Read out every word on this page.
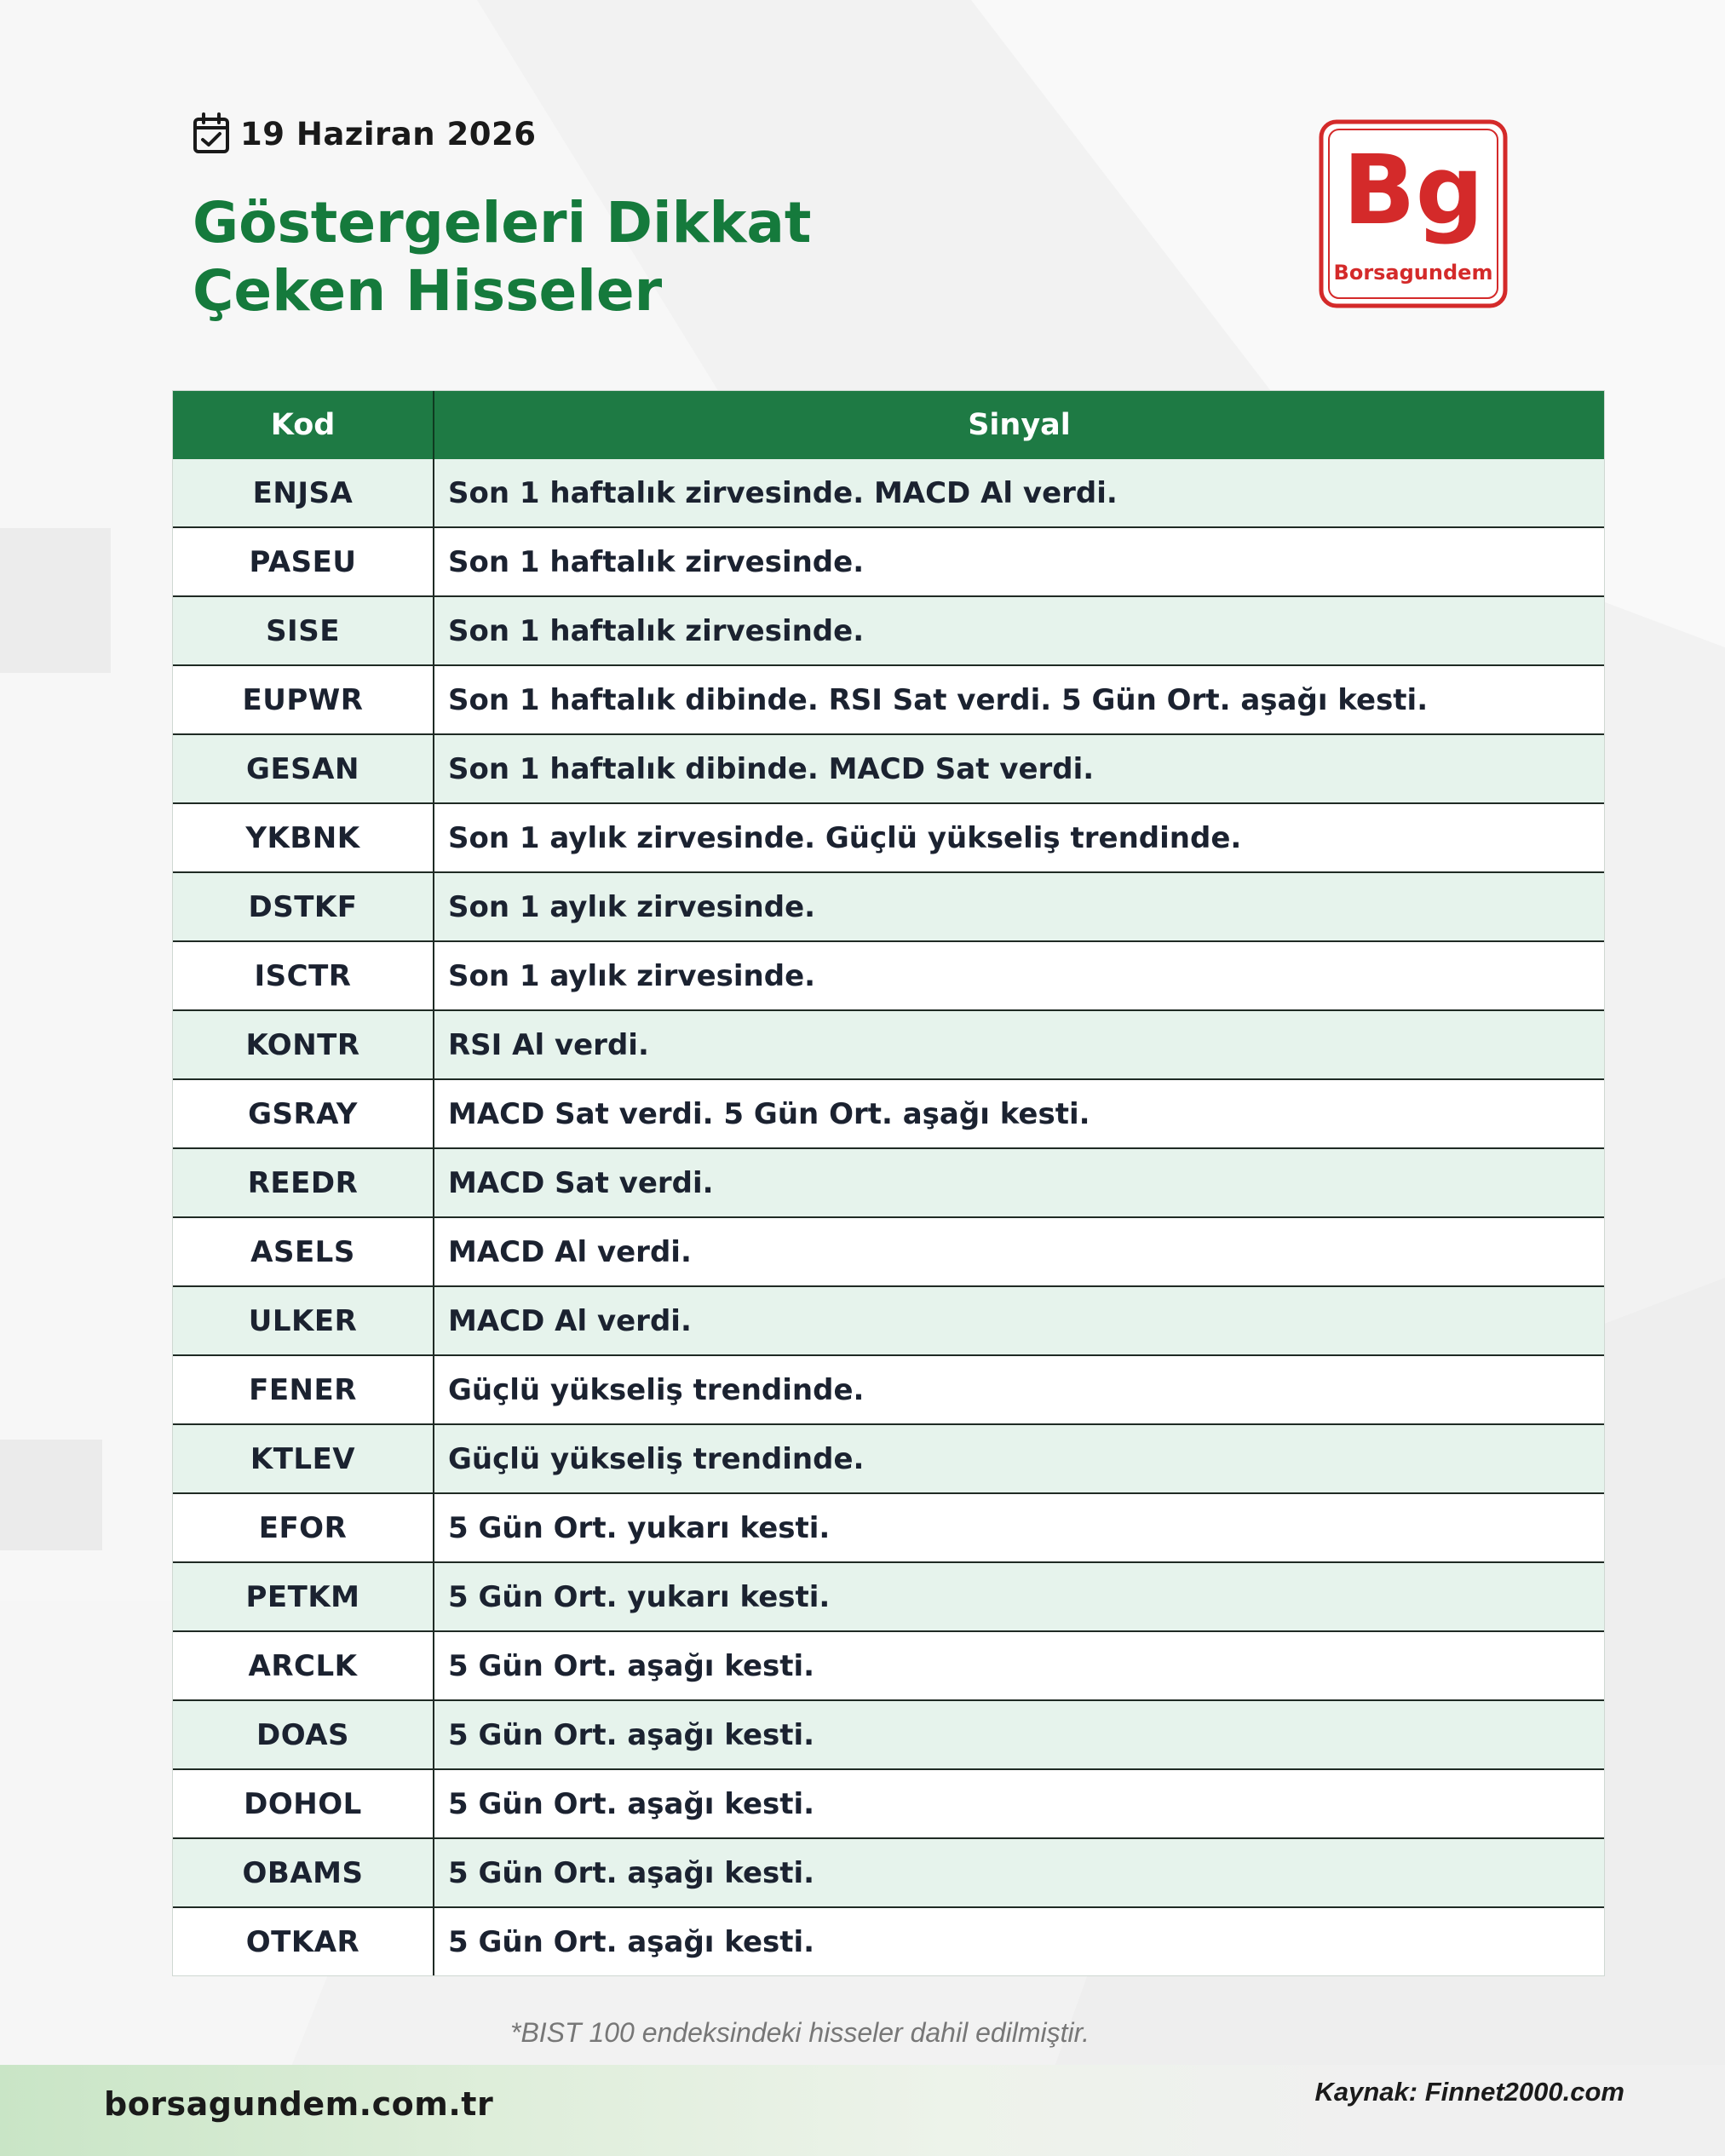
19 Haziran 2026
Göstergeleri Dikkat
Çeken Hisseler
Bg
Borsagundem
Kod	Sinyal
ENJSA	Son 1 haftalık zirvesinde. MACD Al verdi.
PASEU	Son 1 haftalık zirvesinde.
SISE	Son 1 haftalık zirvesinde.
EUPWR	Son 1 haftalık dibinde. RSI Sat verdi. 5 Gün Ort. aşağı kesti.
GESAN	Son 1 haftalık dibinde. MACD Sat verdi.
YKBNK	Son 1 aylık zirvesinde. Güçlü yükseliş trendinde.
DSTKF	Son 1 aylık zirvesinde.
ISCTR	Son 1 aylık zirvesinde.
KONTR	RSI Al verdi.
GSRAY	MACD Sat verdi. 5 Gün Ort. aşağı kesti.
REEDR	MACD Sat verdi.
ASELS	MACD Al verdi.
ULKER	MACD Al verdi.
FENER	Güçlü yükseliş trendinde.
KTLEV	Güçlü yükseliş trendinde.
EFOR	5 Gün Ort. yukarı kesti.
PETKM	5 Gün Ort. yukarı kesti.
ARCLK	5 Gün Ort. aşağı kesti.
DOAS	5 Gün Ort. aşağı kesti.
DOHOL	5 Gün Ort. aşağı kesti.
OBAMS	5 Gün Ort. aşağı kesti.
OTKAR	5 Gün Ort. aşağı kesti.
*BIST 100 endeksindeki hisseler dahil edilmiştir.
borsagundem.com.tr	Kaynak: Finnet2000.com
